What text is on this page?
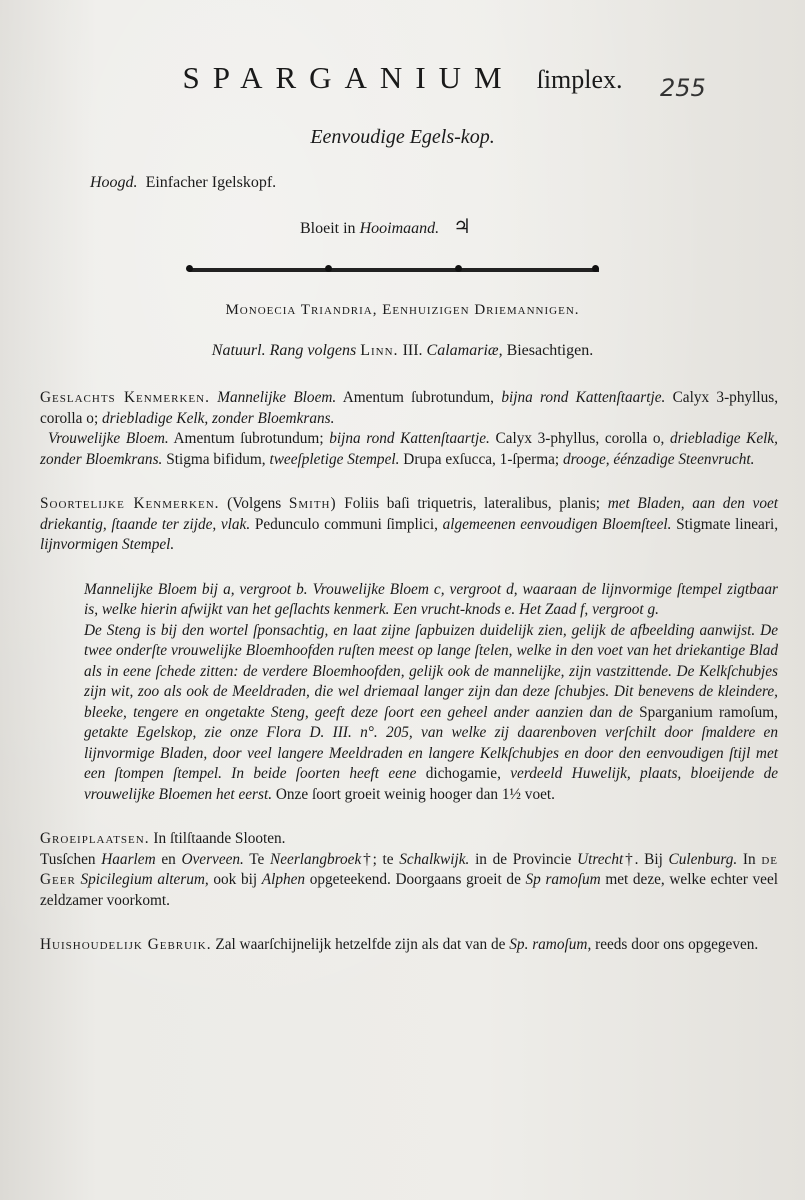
SPARGANIUM ſimplex.	255
Eenvoudige Egels-kop.
Hoogd. Einfacher Igelskopf.
Bloeit in Hooimaand. ♃
Monoecia Triandria, Eenhuizigen Driemannigen.
Natuurl. Rang volgens Linn. III. Calamariæ, Biesachtigen.

Geslachts Kenmerken. Mannelijke Bloem. Amentum ſubrotundum, bijna rond Kattenſtaartje. Calyx 3-phyllus, corolla o; driebladige Kelk, zonder Bloemkrans.

Vrouwelijke Bloem. Amentum ſubrotundum; bijna rond Kattenſtaartje. Calyx 3-phyllus, corolla o, driebladige Kelk, zonder Bloemkrans. Stigma bifidum, tweeſpletige Stempel. Drupa exſucca, 1-ſperma; drooge, éénzadige Steenvrucht.

Soortelijke Kenmerken. (Volgens Smith) Foliis baſi triquetris, lateralibus, planis; met Bladen, aan den voet driekantig, ſtaande ter zijde, vlak. Pedunculo communi ſimplici, algemeenen eenvoudigen Bloemſteel. Stigmate lineari, lijnvormigen Stempel.

Mannelijke Bloem bij a, vergroot b. Vrouwelijke Bloem c, vergroot d, waaraan de lijnvormige ſtempel zigtbaar is, welke hierin afwijkt van het geſlachts kenmerk. Een vrucht-knods e. Het Zaad f, vergroot g.

De Steng is bij den wortel ſponsachtig, en laat zijne ſapbuizen duidelijk zien, gelijk de afbeelding aanwijst. De twee onderſte vrouwelijke Bloemhoofden ruſten meest op lange ſtelen, welke in den voet van het driekantige Blad als in eene ſchede zitten: de verdere Bloemhoofden, gelijk ook de mannelijke, zijn vastzittende. De Kelkſchubjes zijn wit, zoo als ook de Meeldraden, die wel driemaal langer zijn dan deze ſchubjes. Dit benevens de kleindere, bleeke, tengere en ongetakte Steng, geeft deze ſoort een geheel ander aanzien dan de Sparganium ramoſum, getakte Egelskop, zie onze Flora D. III. n°. 205, van welke zij daarenboven verſchilt door ſmaldere en lijnvormige Bladen, door veel langere Meeldraden en langere Kelkſchubjes en door den eenvoudigen ſtijl met een ſtompen ſtempel. In beide ſoorten heeft eene dichogamie, verdeeld Huwelijk, plaats, bloeijende de vrouwelijke Bloemen het eerst. Onze ſoort groeit weinig hooger dan 1½ voet.

Groeiplaatsen. In ſtilſtaande Slooten.
Tusſchen Haarlem en Overveen. Te Neerlangbroek†; te Schalkwijk. in de Provincie Utrecht†. Bij Culenburg. In de Geer Spicilegium alterum, ook bij Alphen opgeteekend. Doorgaans groeit de Sp ramoſum met deze, welke echter veel zeldzamer voorkomt.

Huishoudelijk Gebruik. Zal waarſchijnelijk hetzelfde zijn als dat van de Sp. ramoſum, reeds door ons opgegeven.
